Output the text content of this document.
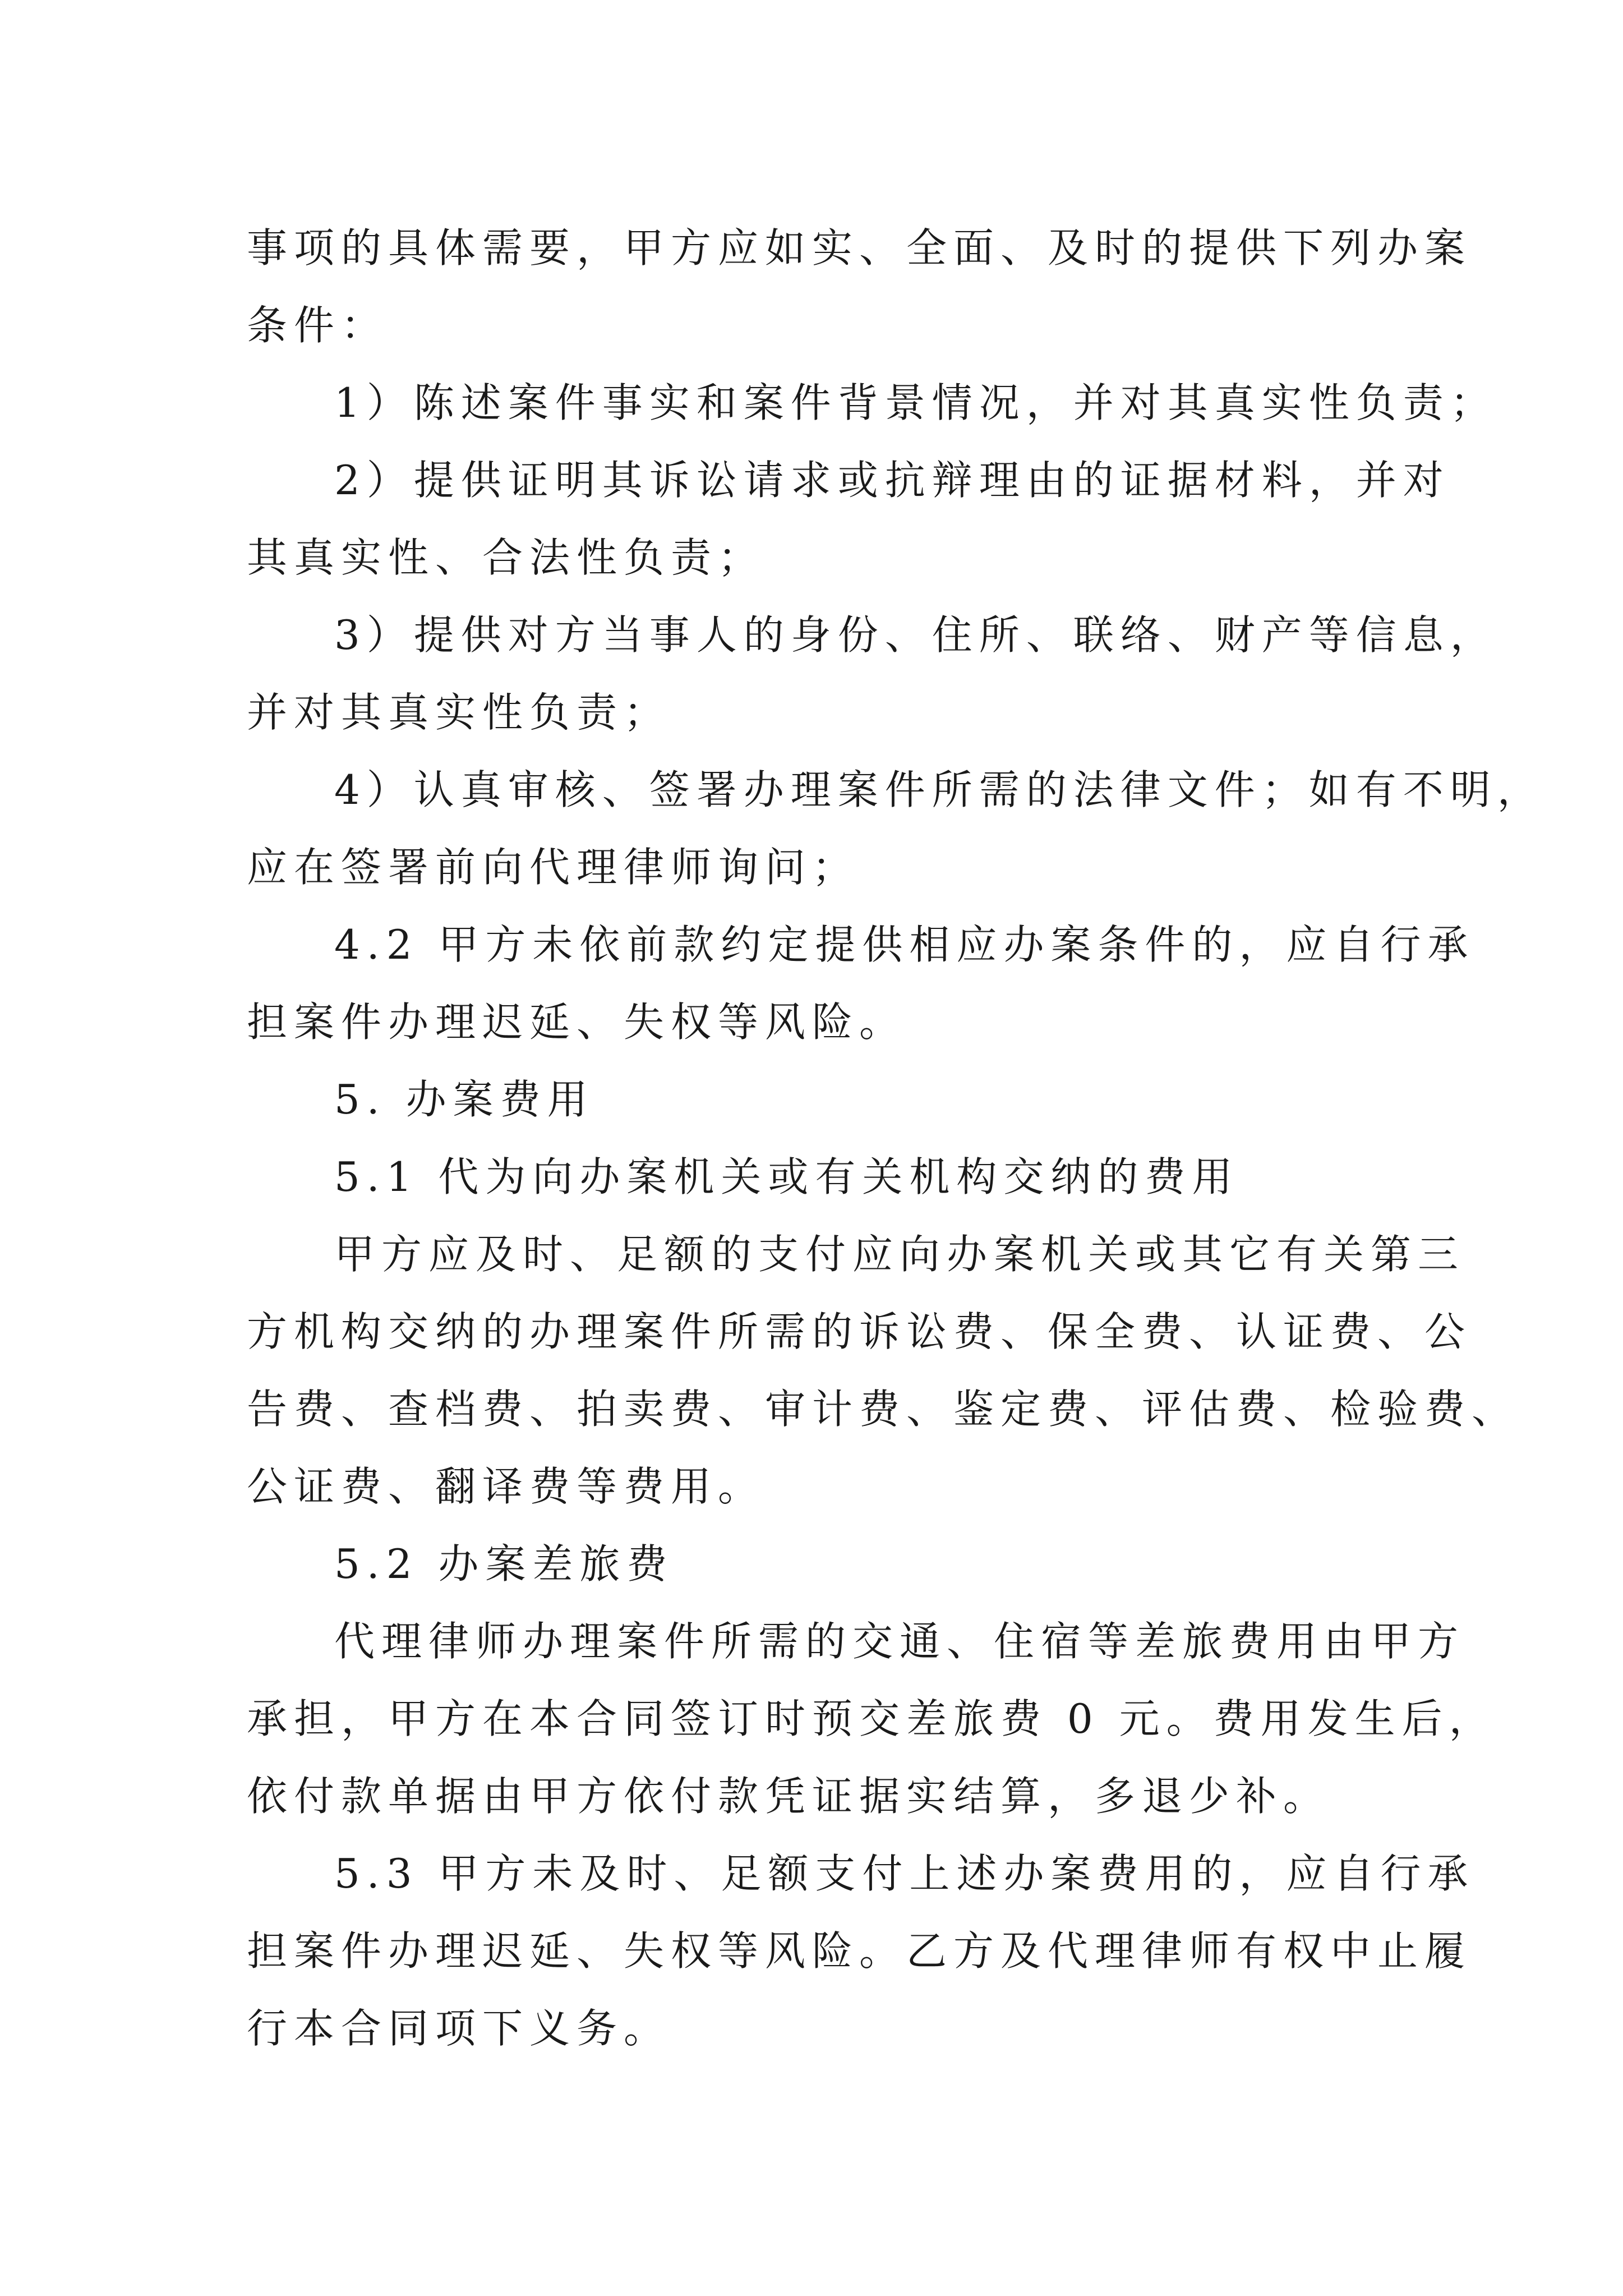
事项的具体需要，甲方应如实、全面、及时的提供下列办案
条件：
1）陈述案件事实和案件背景情况，并对其真实性负责；
2）提供证明其诉讼请求或抗辩理由的证据材料，并对
其真实性、合法性负责；
3）提供对方当事人的身份、住所、联络、财产等信息，
并对其真实性负责；
4）认真审核、签署办理案件所需的法律文件；如有不明，
应在签署前向代理律师询问；
4.2 甲方未依前款约定提供相应办案条件的，应自行承
担案件办理迟延、失权等风险。
5. 办案费用
5.1 代为向办案机关或有关机构交纳的费用
甲方应及时、足额的支付应向办案机关或其它有关第三
方机构交纳的办理案件所需的诉讼费、保全费、认证费、公
告费、查档费、拍卖费、审计费、鉴定费、评估费、检验费、
公证费、翻译费等费用。
5.2 办案差旅费
代理律师办理案件所需的交通、住宿等差旅费用由甲方
承担，甲方在本合同签订时预交差旅费 0 元。费用发生后，
依付款单据由甲方依付款凭证据实结算，多退少补。
5.3 甲方未及时、足额支付上述办案费用的，应自行承
担案件办理迟延、失权等风险。乙方及代理律师有权中止履
行本合同项下义务。
